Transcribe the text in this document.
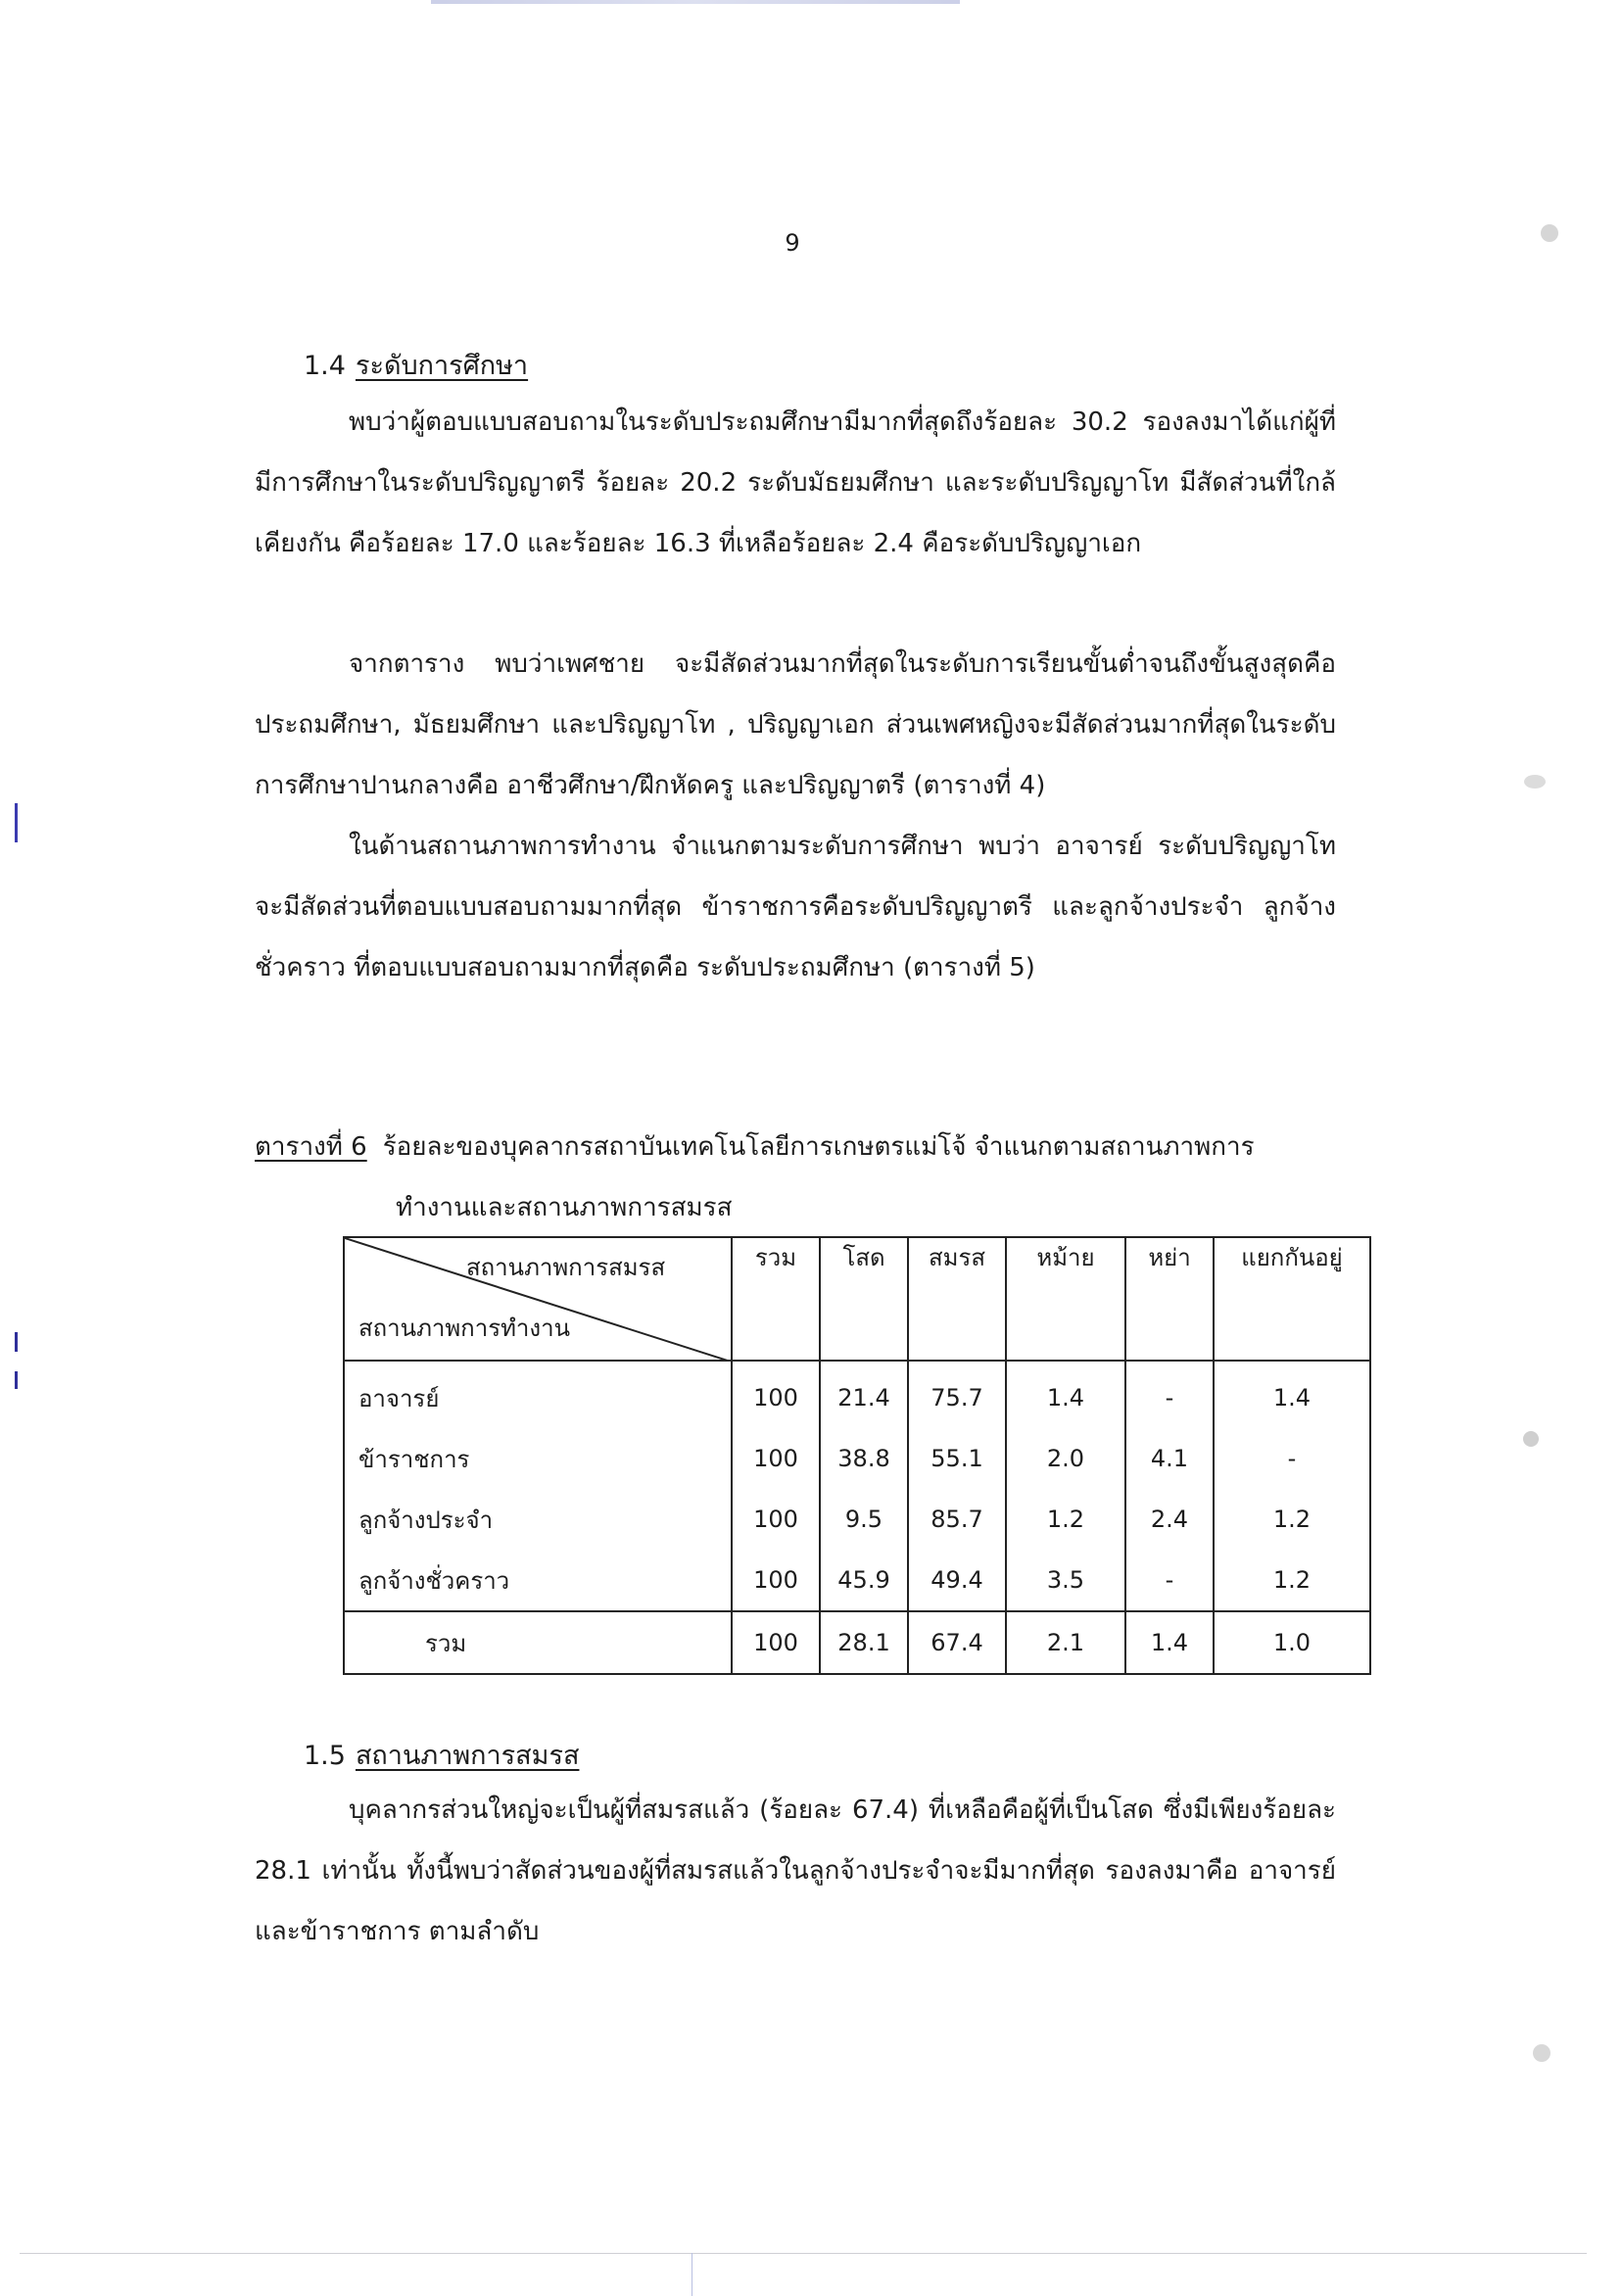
9
1.4 ระดับการศึกษา

พบว่าผู้ตอบแบบสอบถามในระดับประถมศึกษามีมากที่สุดถึงร้อยละ 30.2 รองลงมาได้แก่ผู้ที่มีการศึกษาในระดับปริญญาตรี ร้อยละ 20.2 ระดับมัธยมศึกษา และระดับปริญญาโท มีสัดส่วนที่ใกล้เคียงกัน คือร้อยละ 17.0 และร้อยละ 16.3 ที่เหลือร้อยละ 2.4 คือระดับปริญญาเอก

จากตาราง พบว่าเพศชาย จะมีสัดส่วนมากที่สุดในระดับการเรียนขั้นต่ำจนถึงขั้นสูงสุดคือ ประถมศึกษา, มัธยมศึกษา และปริญญาโท , ปริญญาเอก ส่วนเพศหญิงจะมีสัดส่วนมากที่สุดในระดับการศึกษาปานกลางคือ อาชีวศึกษา/ฝึกหัดครู และปริญญาตรี (ตารางที่ 4)

ในด้านสถานภาพการทำงาน จำแนกตามระดับการศึกษา พบว่า อาจารย์ ระดับปริญญาโท จะมีสัดส่วนที่ตอบแบบสอบถามมากที่สุด ข้าราชการคือระดับปริญญาตรี และลูกจ้างประจำ ลูกจ้างชั่วคราว ที่ตอบแบบสอบถามมากที่สุดคือ ระดับประถมศึกษา (ตารางที่ 5)

ตารางที่ 6 ร้อยละของบุคลากรสถาบันเทคโนโลยีการเกษตรแม่โจ้ จำแนกตามสถานภาพการ
ทำงานและสถานภาพการสมรส
สถานภาพการสมรส
สถานภาพการทำงาน	รวม	โสด	สมรส	หม้าย	หย่า	แยกกันอยู่
อาจารย์	100	21.4	75.7	1.4	-	1.4
ข้าราชการ	100	38.8	55.1	2.0	4.1	-
ลูกจ้างประจำ	100	9.5	85.7	1.2	2.4	1.2
ลูกจ้างชั่วคราว	100	45.9	49.4	3.5	-	1.2
รวม	100	28.1	67.4	2.1	1.4	1.0
1.5 สถานภาพการสมรส

บุคลากรส่วนใหญ่จะเป็นผู้ที่สมรสแล้ว (ร้อยละ 67.4) ที่เหลือคือผู้ที่เป็นโสด ซึ่งมีเพียงร้อยละ 28.1 เท่านั้น ทั้งนี้พบว่าสัดส่วนของผู้ที่สมรสแล้วในลูกจ้างประจำจะมีมากที่สุด รองลงมาคือ อาจารย์ และข้าราชการ ตามลำดับ
